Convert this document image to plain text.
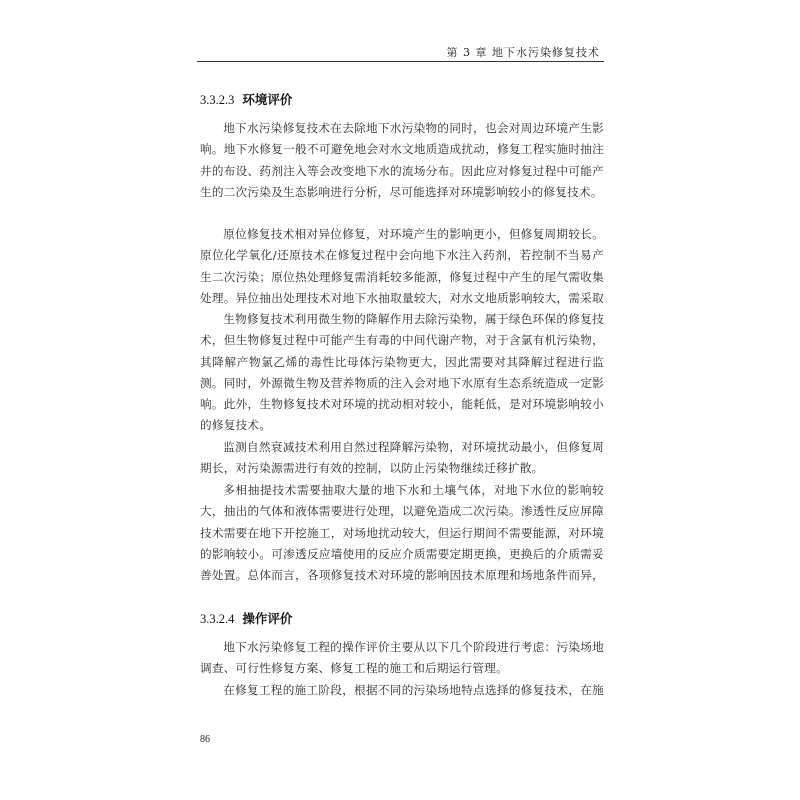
第 3 章 地下水污染修复技术
3.3.2.3 环境评价

地下水污染修复技术在去除地下水污染物的同时，也会对周边环境产生影响。地下水修复一般不可避免地会对水文地质造成扰动，修复工程实施时抽注井的布设、药剂注入等会改变地下水的流场分布。因此应对修复过程中可能产生的二次污染及生态影响进行分析，尽可能选择对环境影响较小的修复技术。

原位修复技术相对异位修复，对环境产生的影响更小，但修复周期较长。原位化学氧化/还原技术在修复过程中会向地下水注入药剂，若控制不当易产生二次污染；原位热处理修复需消耗较多能源，修复过程中产生的尾气需收集处理。异位抽出处理技术对地下水抽取量较大，对水文地质影响较大，需采取

生物修复技术利用微生物的降解作用去除污染物，属于绿色环保的修复技术，但生物修复过程中可能产生有毒的中间代谢产物，对于含氯有机污染物，其降解产物氯乙烯的毒性比母体污染物更大，因此需要对其降解过程进行监测。同时，外源微生物及营养物质的注入会对地下水原有生态系统造成一定影响。此外，生物修复技术对环境的扰动相对较小，能耗低，是对环境影响较小的修复技术。

监测自然衰减技术利用自然过程降解污染物，对环境扰动最小，但修复周期长，对污染源需进行有效的控制，以防止污染物继续迁移扩散。

多相抽提技术需要抽取大量的地下水和土壤气体，对地下水位的影响较大，抽出的气体和液体需要进行处理，以避免造成二次污染。渗透性反应屏障技术需要在地下开挖施工，对场地扰动较大，但运行期间不需要能源，对环境的影响较小。可渗透反应墙使用的反应介质需要定期更换，更换后的介质需妥善处置。总体而言，各项修复技术对环境的影响因技术原理和场地条件而异，

3.3.2.4 操作评价

地下水污染修复工程的操作评价主要从以下几个阶段进行考虑：污染场地调查、可行性修复方案、修复工程的施工和后期运行管理。

在修复工程的施工阶段，根据不同的污染场地特点选择的修复技术，在施

86
